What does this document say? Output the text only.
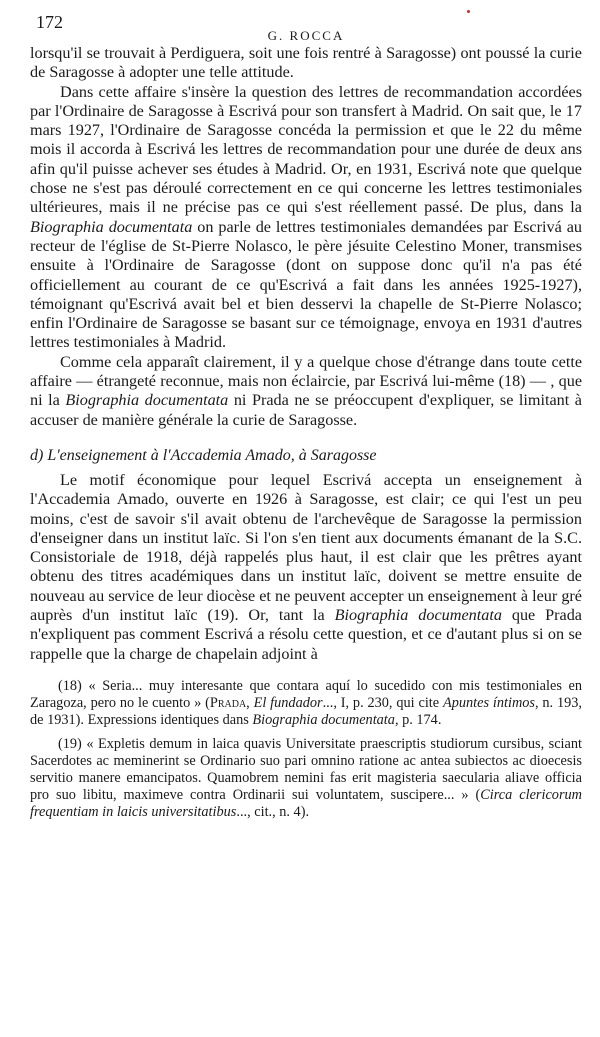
172
G. ROCCA

lorsqu'il se trouvait à Perdiguera, soit une fois rentré à Saragosse) ont poussé la curie de Saragosse à adopter une telle attitude.

Dans cette affaire s'insère la question des lettres de recommandation accordées par l'Ordinaire de Saragosse à Escrivá pour son transfert à Madrid. On sait que, le 17 mars 1927, l'Ordinaire de Saragosse concéda la permission et que le 22 du même mois il accorda à Escrivá les lettres de recommandation pour une durée de deux ans afin qu'il puisse achever ses études à Madrid. Or, en 1931, Escrivá note que quelque chose ne s'est pas déroulé correctement en ce qui concerne les lettres testimoniales ultérieures, mais il ne précise pas ce qui s'est réellement passé. De plus, dans la Biographia documentata on parle de lettres testimoniales demandées par Escrivá au recteur de l'église de St-Pierre Nolasco, le père jésuite Celestino Moner, transmises ensuite à l'Ordinaire de Saragosse (dont on suppose donc qu'il n'a pas été officiellement au courant de ce qu'Escrivá a fait dans les années 1925-1927), témoignant qu'Escrivá avait bel et bien desservi la chapelle de St-Pierre Nolasco; enfin l'Ordinaire de Saragosse se basant sur ce témoignage, envoya en 1931 d'autres lettres testimoniales à Madrid.

Comme cela apparaît clairement, il y a quelque chose d'étrange dans toute cette affaire — étrangeté reconnue, mais non éclaircie, par Escrivá lui-même (18) — , que ni la Biographia documentata ni Prada ne se préoccupent d'expliquer, se limitant à accuser de manière générale la curie de Saragosse.

d) L'enseignement à l'Accademia Amado, à Saragosse

Le motif économique pour lequel Escrivá accepta un enseignement à l'Accademia Amado, ouverte en 1926 à Saragosse, est clair; ce qui l'est un peu moins, c'est de savoir s'il avait obtenu de l'archevêque de Saragosse la permission d'enseigner dans un institut laïc. Si l'on s'en tient aux documents émanant de la S.C. Consistoriale de 1918, déjà rappelés plus haut, il est clair que les prêtres ayant obtenu des titres académiques dans un institut laïc, doivent se mettre ensuite de nouveau au service de leur diocèse et ne peuvent accepter un enseignement à leur gré auprès d'un institut laïc (19). Or, tant la Biographia documentata que Prada n'expliquent pas comment Escrivá a résolu cette question, et ce d'autant plus si on se rappelle que la charge de chapelain adjoint à

(18) « Seria... muy interesante que contara aquí lo sucedido con mis testimoniales en Zaragoza, pero no le cuento » (Prada, El fundador..., I, p. 230, qui cite Apuntes íntimos, n. 193, de 1931). Expressions identiques dans Biographia documentata, p. 174.

(19) « Expletis demum in laica quavis Universitate praescriptis studiorum cursibus, sciant Sacerdotes ac meminerint se Ordinario suo pari omnino ratione ac antea subiectos ac dioecesis servitio manere emancipatos. Quamobrem nemini fas erit magisteria saecularia aliave officia pro suo libitu, maximeve contra Ordinarii sui voluntatem, suscipere... » (Circa clericorum frequentiam in laicis universitatibus..., cit., n. 4).
